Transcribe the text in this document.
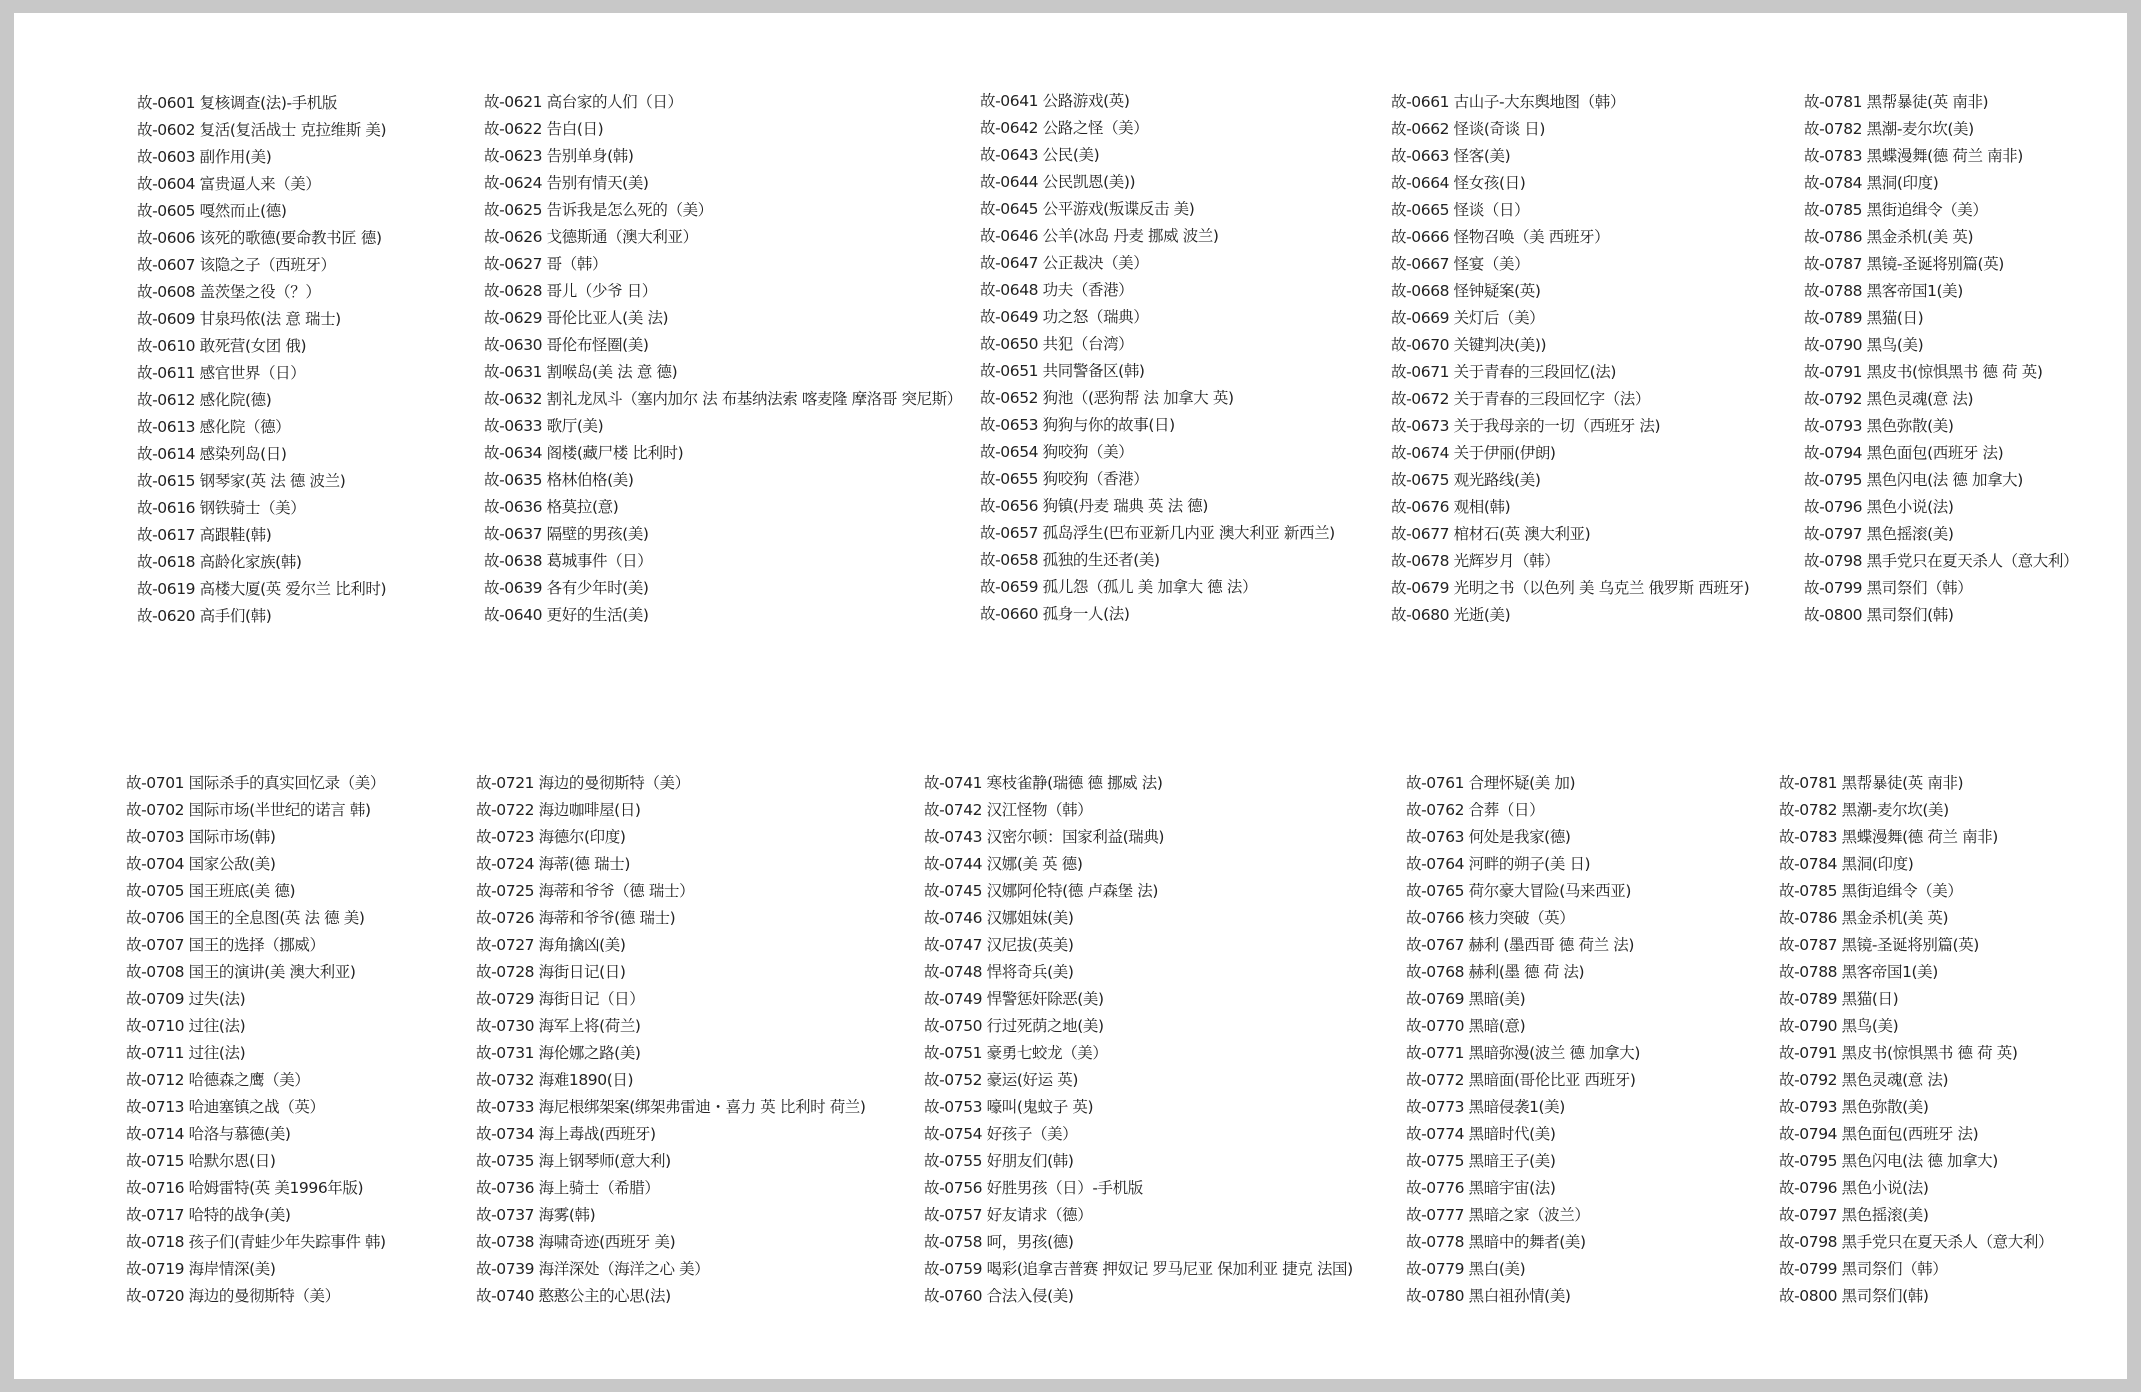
故-0601 复核调查(法)-手机版
故-0602 复活(复活战士 克拉维斯 美)
故-0603 副作用(美)
故-0604 富贵逼人来（美）
故-0605 嘎然而止(德)
故-0606 该死的歌德(要命教书匠 德)
故-0607 该隐之子（西班牙）
故-0608 盖茨堡之役（？）
故-0609 甘泉玛侬(法 意 瑞士)
故-0610 敢死营(女团 俄)
故-0611 感官世界（日）
故-0612 感化院(德)
故-0613 感化院（德）
故-0614 感染列岛(日)
故-0615 钢琴家(英 法 德 波兰)
故-0616 钢铁骑士（美）
故-0617 高跟鞋(韩)
故-0618 高龄化家族(韩)
故-0619 高楼大厦(英 爱尔兰 比利时)
故-0620 高手们(韩)
故-0621 高台家的人们（日）
故-0622 告白(日)
故-0623 告别单身(韩)
故-0624 告别有情天(美)
故-0625 告诉我是怎么死的（美）
故-0626 戈德斯通（澳大利亚）
故-0627 哥（韩）
故-0628 哥儿（少爷 日）
故-0629 哥伦比亚人(美 法)
故-0630 哥伦布怪圈(美)
故-0631 割喉岛(美 法 意 德)
故-0632 割礼龙凤斗（塞内加尔 法 布基纳法索 喀麦隆 摩洛哥 突尼斯）
故-0633 歌厅(美)
故-0634 阁楼(藏尸楼 比利时)
故-0635 格林伯格(美)
故-0636 格莫拉(意)
故-0637 隔壁的男孩(美)
故-0638 葛城事件（日）
故-0639 各有少年时(美)
故-0640 更好的生活(美)
故-0641 公路游戏(英)
故-0642 公路之怪（美）
故-0643 公民(美)
故-0644 公民凯恩(美))
故-0645 公平游戏(叛谍反击 美)
故-0646 公羊(冰岛 丹麦 挪威 波兰)
故-0647 公正裁决（美）
故-0648 功夫（香港）
故-0649 功之怒（瑞典）
故-0650 共犯（台湾）
故-0651 共同警备区(韩)
故-0652 狗池（(恶狗帮 法 加拿大 英)
故-0653 狗狗与你的故事(日)
故-0654 狗咬狗（美）
故-0655 狗咬狗（香港）
故-0656 狗镇(丹麦 瑞典 英 法 德)
故-0657 孤岛浮生(巴布亚新几内亚 澳大利亚 新西兰)
故-0658 孤独的生还者(美)
故-0659 孤儿怨（孤儿 美 加拿大 德 法）
故-0660 孤身一人(法)
故-0661 古山子-大东舆地图（韩）
故-0662 怪谈(奇谈 日)
故-0663 怪客(美)
故-0664 怪女孩(日)
故-0665 怪谈（日）
故-0666 怪物召唤（美 西班牙）
故-0667 怪宴（美）
故-0668 怪钟疑案(英)
故-0669 关灯后（美）
故-0670 关键判决(美))
故-0671 关于青春的三段回忆(法)
故-0672 关于青春的三段回忆字（法）
故-0673 关于我母亲的一切（西班牙 法)
故-0674 关于伊丽(伊朗)
故-0675 观光路线(美)
故-0676 观相(韩)
故-0677 棺材石(英 澳大利亚)
故-0678 光辉岁月（韩）
故-0679 光明之书（以色列 美 乌克兰 俄罗斯 西班牙)
故-0680 光逝(美)
故-0781 黑帮暴徒(英 南非)
故-0782 黑潮-麦尔坎(美)
故-0783 黑蝶漫舞(德 荷兰 南非)
故-0784 黑洞(印度)
故-0785 黑街追缉令（美）
故-0786 黑金杀机(美 英)
故-0787 黑镜-圣诞将别篇(英)
故-0788 黑客帝国1(美)
故-0789 黑猫(日)
故-0790 黑鸟(美)
故-0791 黑皮书(惊惧黑书 德 荷 英)
故-0792 黑色灵魂(意 法)
故-0793 黑色弥散(美)
故-0794 黑色面包(西班牙 法)
故-0795 黑色闪电(法 德 加拿大)
故-0796 黑色小说(法)
故-0797 黑色摇滚(美)
故-0798 黑手党只在夏天杀人（意大利）
故-0799 黑司祭们（韩）
故-0800 黑司祭们(韩)
故-0701 国际杀手的真实回忆录（美）
故-0702 国际市场(半世纪的诺言 韩)
故-0703 国际市场(韩)
故-0704 国家公敌(美)
故-0705 国王班底(美 德)
故-0706 国王的全息图(英 法 德 美)
故-0707 国王的选择（挪威）
故-0708 国王的演讲(美 澳大利亚)
故-0709 过失(法)
故-0710 过往(法)
故-0711 过往(法)
故-0712 哈德森之鹰（美）
故-0713 哈迪塞镇之战（英）
故-0714 哈洛与慕德(美)
故-0715 哈默尔恩(日)
故-0716 哈姆雷特(英 美1996年版)
故-0717 哈特的战争(美)
故-0718 孩子们(青蛙少年失踪事件 韩)
故-0719 海岸情深(美)
故-0720 海边的曼彻斯特（美）
故-0721 海边的曼彻斯特（美）
故-0722 海边咖啡屋(日)
故-0723 海德尔(印度)
故-0724 海蒂(德 瑞士)
故-0725 海蒂和爷爷（德 瑞士）
故-0726 海蒂和爷爷(德 瑞士)
故-0727 海角擒凶(美)
故-0728 海街日记(日)
故-0729 海街日记（日）
故-0730 海军上将(荷兰)
故-0731 海伦娜之路(美)
故-0732 海难1890(日)
故-0733 海尼根绑架案(绑架弗雷迪・喜力 英 比利时 荷兰)
故-0734 海上毒战(西班牙)
故-0735 海上钢琴师(意大利)
故-0736 海上骑士（希腊）
故-0737 海雾(韩)
故-0738 海啸奇迹(西班牙 美)
故-0739 海洋深处（海洋之心 美）
故-0740 憨憨公主的心思(法)
故-0741 寒枝雀静(瑞德 德 挪威 法)
故-0742 汉江怪物（韩）
故-0743 汉密尔顿：国家利益(瑞典)
故-0744 汉娜(美 英 德)
故-0745 汉娜阿伦特(德 卢森堡 法)
故-0746 汉娜姐妹(美)
故-0747 汉尼拔(英美)
故-0748 悍将奇兵(美)
故-0749 悍警惩奸除恶(美)
故-0750 行过死荫之地(美)
故-0751 豪勇七蛟龙（美）
故-0752 豪运(好运 英)
故-0753 嚎叫(鬼蚊子 英)
故-0754 好孩子（美）
故-0755 好朋友们(韩)
故-0756 好胜男孩（日）-手机版
故-0757 好友请求（德）
故-0758 呵，男孩(德)
故-0759 喝彩(追拿吉普赛 押奴记 罗马尼亚 保加利亚 捷克 法国)
故-0760 合法入侵(美)
故-0761 合理怀疑(美 加)
故-0762 合葬（日）
故-0763 何处是我家(德)
故-0764 河畔的朔子(美 日)
故-0765 荷尔豪大冒险(马来西亚)
故-0766 核力突破（英）
故-0767 赫利 (墨西哥 德 荷兰 法)
故-0768 赫利(墨 德 荷 法)
故-0769 黑暗(美)
故-0770 黑暗(意)
故-0771 黑暗弥漫(波兰 德 加拿大)
故-0772 黑暗面(哥伦比亚 西班牙)
故-0773 黑暗侵袭1(美)
故-0774 黑暗时代(美)
故-0775 黑暗王子(美)
故-0776 黑暗宇宙(法)
故-0777 黑暗之家（波兰）
故-0778 黑暗中的舞者(美)
故-0779 黑白(美)
故-0780 黑白祖孙情(美)
故-0781 黑帮暴徒(英 南非)
故-0782 黑潮-麦尔坎(美)
故-0783 黑蝶漫舞(德 荷兰 南非)
故-0784 黑洞(印度)
故-0785 黑街追缉令（美）
故-0786 黑金杀机(美 英)
故-0787 黑镜-圣诞将别篇(英)
故-0788 黑客帝国1(美)
故-0789 黑猫(日)
故-0790 黑鸟(美)
故-0791 黑皮书(惊惧黑书 德 荷 英)
故-0792 黑色灵魂(意 法)
故-0793 黑色弥散(美)
故-0794 黑色面包(西班牙 法)
故-0795 黑色闪电(法 德 加拿大)
故-0796 黑色小说(法)
故-0797 黑色摇滚(美)
故-0798 黑手党只在夏天杀人（意大利）
故-0799 黑司祭们（韩）
故-0800 黑司祭们(韩)
